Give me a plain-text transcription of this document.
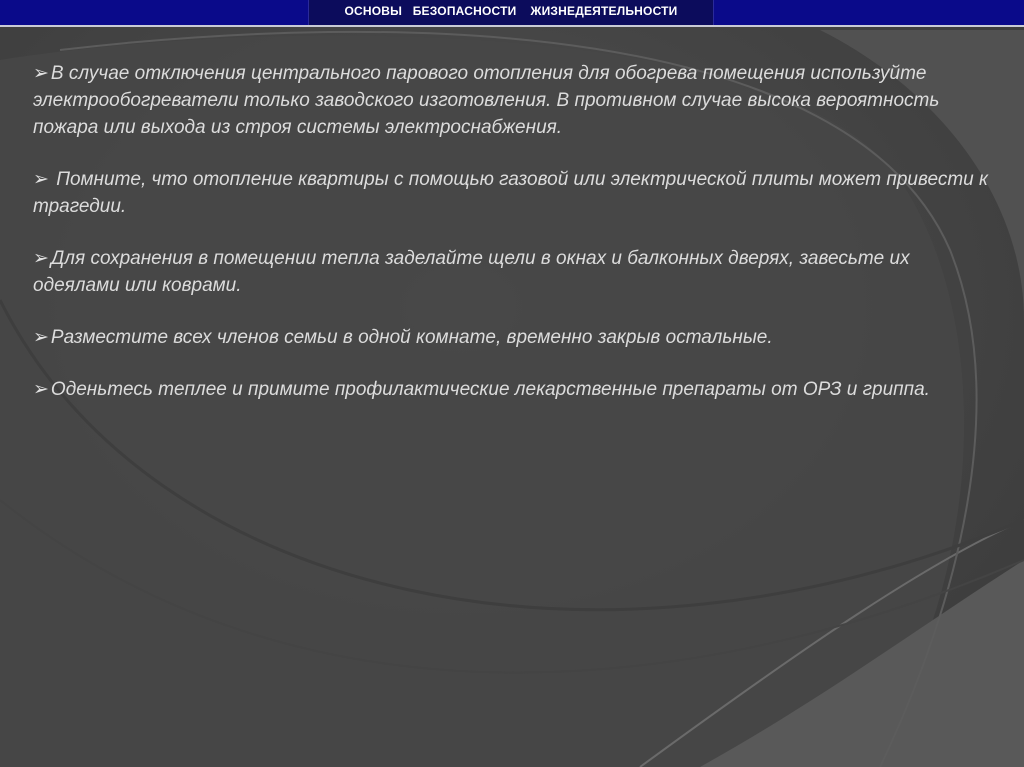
ОСНОВЫ   БЕЗОПАСНОСТИ    ЖИЗНЕДЕЯТЕЛЬНОСТИ

➢ В случае отключения центрального парового отопления для обогрева помещения используйте электрообогреватели только заводского изготовления. В противном случае высока вероятность пожара или выхода из строя системы электроснабжения.

➢ Помните, что отопление квартиры с помощью газовой или электрической плиты может привести к трагедии.

➢ Для сохранения в помещении тепла заделайте щели в окнах и балконных дверях, завесьте их одеялами или коврами.

➢ Разместите всех членов семьи в одной комнате, временно закрыв остальные.

➢ Оденьтесь теплее и примите профилактические лекарственные препараты от ОРЗ и гриппа.
